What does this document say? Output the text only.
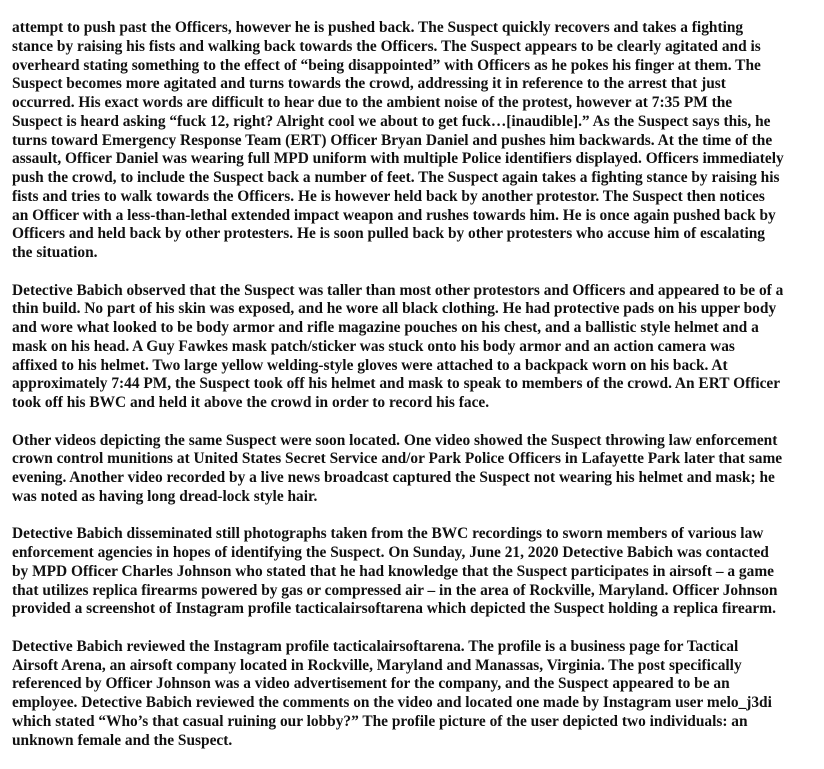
attempt to push past the Officers, however he is pushed back. The Suspect quickly recovers and takes a fighting
stance by raising his fists and walking back towards the Officers. The Suspect appears to be clearly agitated and is
overheard stating something to the effect of “being disappointed” with Officers as he pokes his finger at them. The
Suspect becomes more agitated and turns towards the crowd, addressing it in reference to the arrest that just
occurred. His exact words are difficult to hear due to the ambient noise of the protest, however at 7:35 PM the
Suspect is heard asking “fuck 12, right? Alright cool we about to get fuck…[inaudible].” As the Suspect says this, he
turns toward Emergency Response Team (ERT) Officer Bryan Daniel and pushes him backwards. At the time of the
assault, Officer Daniel was wearing full MPD uniform with multiple Police identifiers displayed. Officers immediately
push the crowd, to include the Suspect back a number of feet. The Suspect again takes a fighting stance by raising his
fists and tries to walk towards the Officers. He is however held back by another protestor. The Suspect then notices
an Officer with a less-than-lethal extended impact weapon and rushes towards him. He is once again pushed back by
Officers and held back by other protesters. He is soon pulled back by other protesters who accuse him of escalating
the situation.
Detective Babich observed that the Suspect was taller than most other protestors and Officers and appeared to be of a
thin build. No part of his skin was exposed, and he wore all black clothing. He had protective pads on his upper body
and wore what looked to be body armor and rifle magazine pouches on his chest, and a ballistic style helmet and a
mask on his head. A Guy Fawkes mask patch/sticker was stuck onto his body armor and an action camera was
affixed to his helmet. Two large yellow welding-style gloves were attached to a backpack worn on his back. At
approximately 7:44 PM, the Suspect took off his helmet and mask to speak to members of the crowd. An ERT Officer
took off his BWC and held it above the crowd in order to record his face.
Other videos depicting the same Suspect were soon located. One video showed the Suspect throwing law enforcement
crown control munitions at United States Secret Service and/or Park Police Officers in Lafayette Park later that same
evening. Another video recorded by a live news broadcast captured the Suspect not wearing his helmet and mask; he
was noted as having long dread-lock style hair.
Detective Babich disseminated still photographs taken from the BWC recordings to sworn members of various law
enforcement agencies in hopes of identifying the Suspect. On Sunday, June 21, 2020 Detective Babich was contacted
by MPD Officer Charles Johnson who stated that he had knowledge that the Suspect participates in airsoft – a game
that utilizes replica firearms powered by gas or compressed air – in the area of Rockville, Maryland. Officer Johnson
provided a screenshot of Instagram profile tacticalairsoftarena which depicted the Suspect holding a replica firearm.
Detective Babich reviewed the Instagram profile tacticalairsoftarena. The profile is a business page for Tactical
Airsoft Arena, an airsoft company located in Rockville, Maryland and Manassas, Virginia. The post specifically
referenced by Officer Johnson was a video advertisement for the company, and the Suspect appeared to be an
employee. Detective Babich reviewed the comments on the video and located one made by Instagram user melo_j3di
which stated “Who’s that casual ruining our lobby?” The profile picture of the user depicted two individuals: an
unknown female and the Suspect.
